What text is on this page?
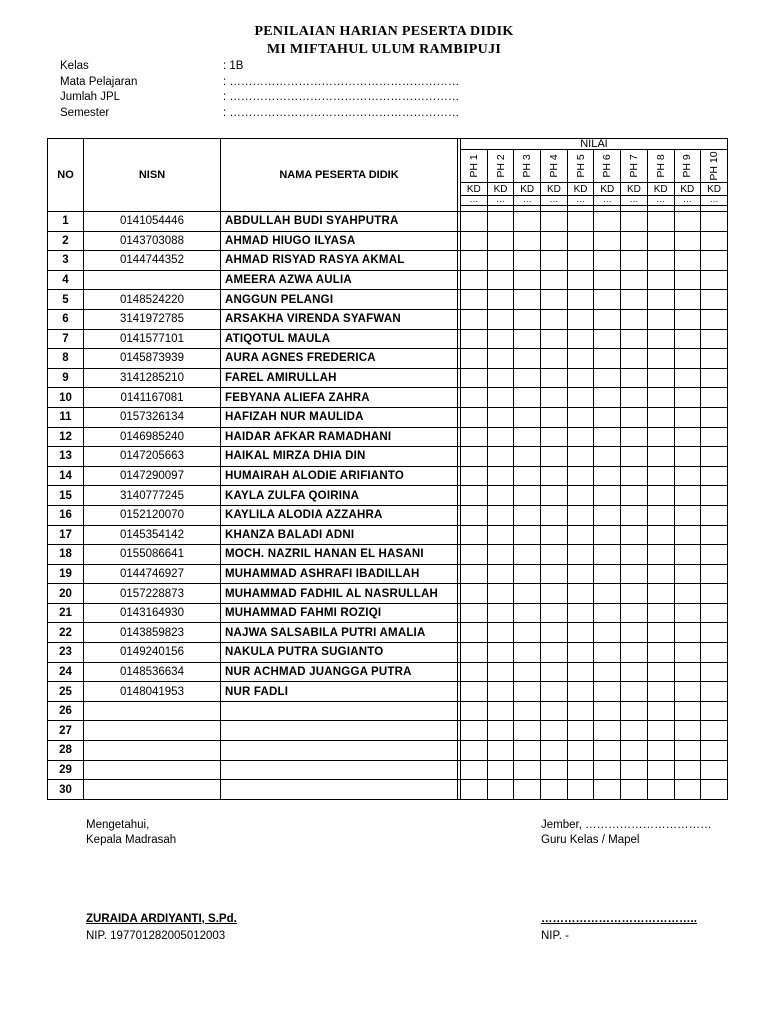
PENILAIAN HARIAN PESERTA DIDIK
MI MIFTAHUL ULUM RAMBIPUJI
Kelas	: 1B
Mata Pelajaran	: ……………………………………………………
Jumlah JPL	: ……………………………………………………
Semester	: ……………………………………………………
NO	NISN	NAMA PESERTA DIDIK		NILAI									

				PH 1	PH 2	PH 3	PH 4	PH 5	PH 6	PH 7	PH 8	PH 9	PH 10

				KD	KD	KD	KD	KD	KD	KD	KD	KD	KD
				…	…	…	…	…	…	…	…	…	…

1	0141054446	ABDULLAH BUDI SYAHPUTRA											
2	0143703088	AHMAD HIUGO ILYASA											
3	0144744352	AHMAD RISYAD RASYA AKMAL											
4		AMEERA AZWA AULIA											
5	0148524220	ANGGUN PELANGI											
6	3141972785	ARSAKHA VIRENDA SYAFWAN											
7	0141577101	ATIQOTUL MAULA											
8	0145873939	AURA AGNES FREDERICA											
9	3141285210	FAREL AMIRULLAH											
10	0141167081	FEBYANA ALIEFA ZAHRA											
11	0157326134	HAFIZAH NUR MAULIDA											
12	0146985240	HAIDAR AFKAR RAMADHANI											
13	0147205663	HAIKAL MIRZA DHIA DIN											
14	0147290097	HUMAIRAH ALODIE ARIFIANTO											
15	3140777245	KAYLA ZULFA QOIRINA											
16	0152120070	KAYLILA ALODIA AZZAHRA											
17	0145354142	KHANZA BALADI ADNI											
18	0155086641	MOCH. NAZRIL HANAN EL HASANI											
19	0144746927	MUHAMMAD ASHRAFI IBADILLAH											
20	0157228873	MUHAMMAD FADHIL AL NASRULLAH											
21	0143164930	MUHAMMAD FAHMI ROZIQI											
22	0143859823	NAJWA SALSABILA PUTRI AMALIA											
23	0149240156	NAKULA PUTRA SUGIANTO											
24	0148536634	NUR ACHMAD JUANGGA PUTRA											
25	0148041953	NUR FADLI											
26													
27													
28													
29													
30													
Mengetahui,
Kepala Madrasah
ZURAIDA ARDIYANTI, S.Pd.
NIP. 197701282005012003
Jember, ……………………………
Guru Kelas / Mapel
…………………………………..
NIP. -
